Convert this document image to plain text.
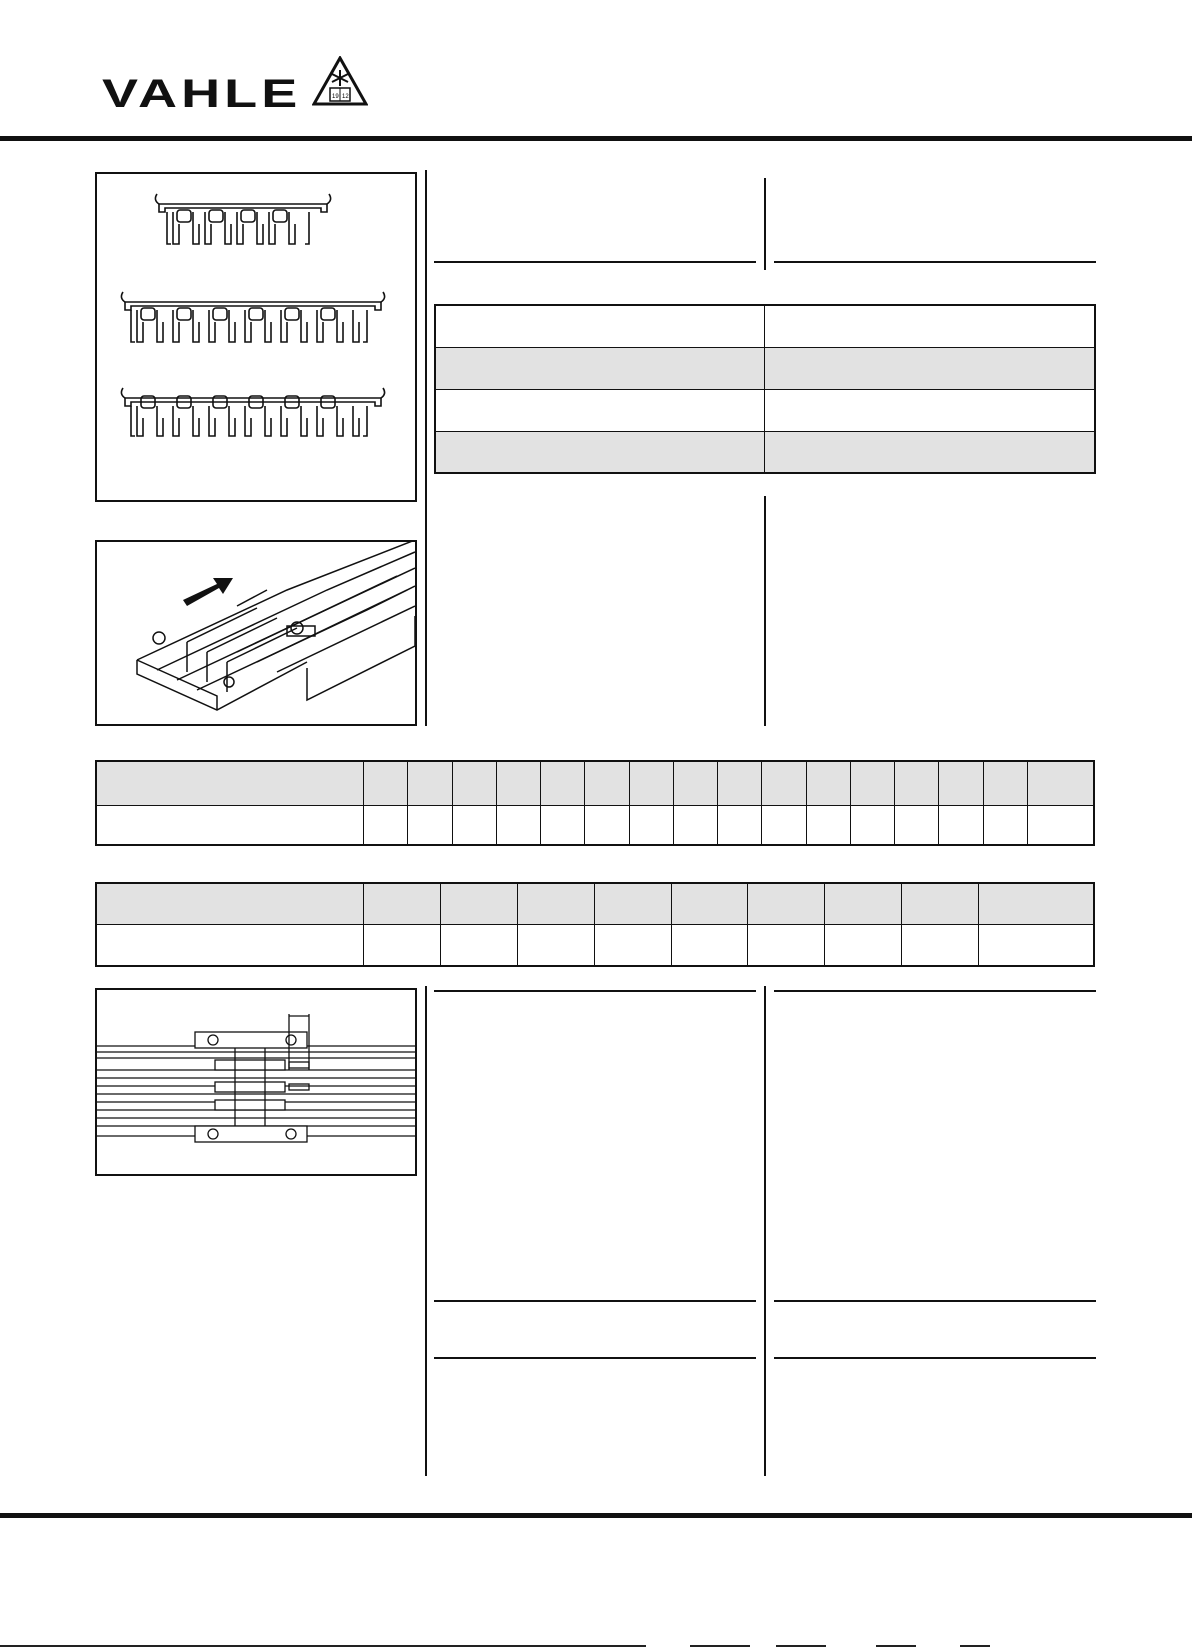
VAHLE	19 12
